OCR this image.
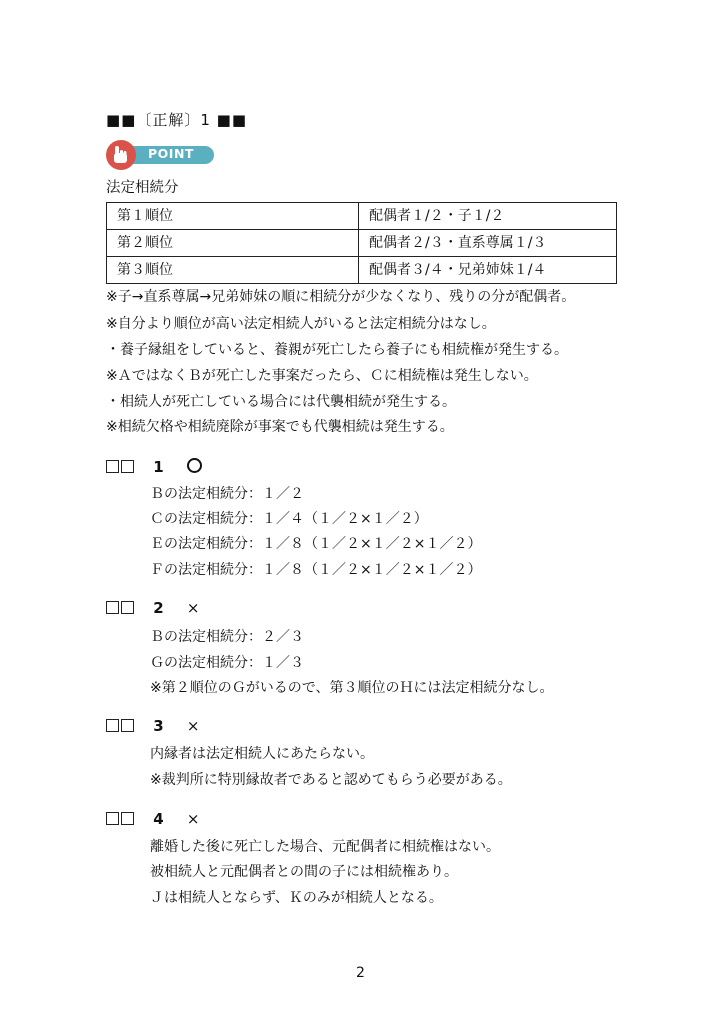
■■〔正解〕1 ■■
POINT
法定相続分
第１順位	配偶者１/２・子１/２
第２順位	配偶者２/３・直系尊属１/３
第３順位	配偶者３/４・兄弟姉妹１/４
※子→直系尊属→兄弟姉妹の順に相続分が少なくなり、残りの分が配偶者。
※自分より順位が高い法定相続人がいると法定相続分はなし。
・養子縁組をしていると、養親が死亡したら養子にも相続権が発生する。
※ＡではなくＢが死亡した事案だったら、Ｃに相続権は発生しない。
・相続人が死亡している場合には代襲相続が発生する。
※相続欠格や相続廃除が事案でも代襲相続は発生する。
1
Ｂの法定相続分：１／２
Ｃの法定相続分：１／４（１／２×１／２）
Ｅの法定相続分：１／８（１／２×１／２×１／２）
Ｆの法定相続分：１／８（１／２×１／２×１／２）
2 ×
Ｂの法定相続分：２／３
Ｇの法定相続分：１／３
※第２順位のＧがいるので、第３順位のＨには法定相続分なし。
3 ×
内縁者は法定相続人にあたらない。
※裁判所に特別縁故者であると認めてもらう必要がある。
4 ×
離婚した後に死亡した場合、元配偶者に相続権はない。
被相続人と元配偶者との間の子には相続権あり。
Ｊは相続人とならず、Ｋのみが相続人となる。
2
